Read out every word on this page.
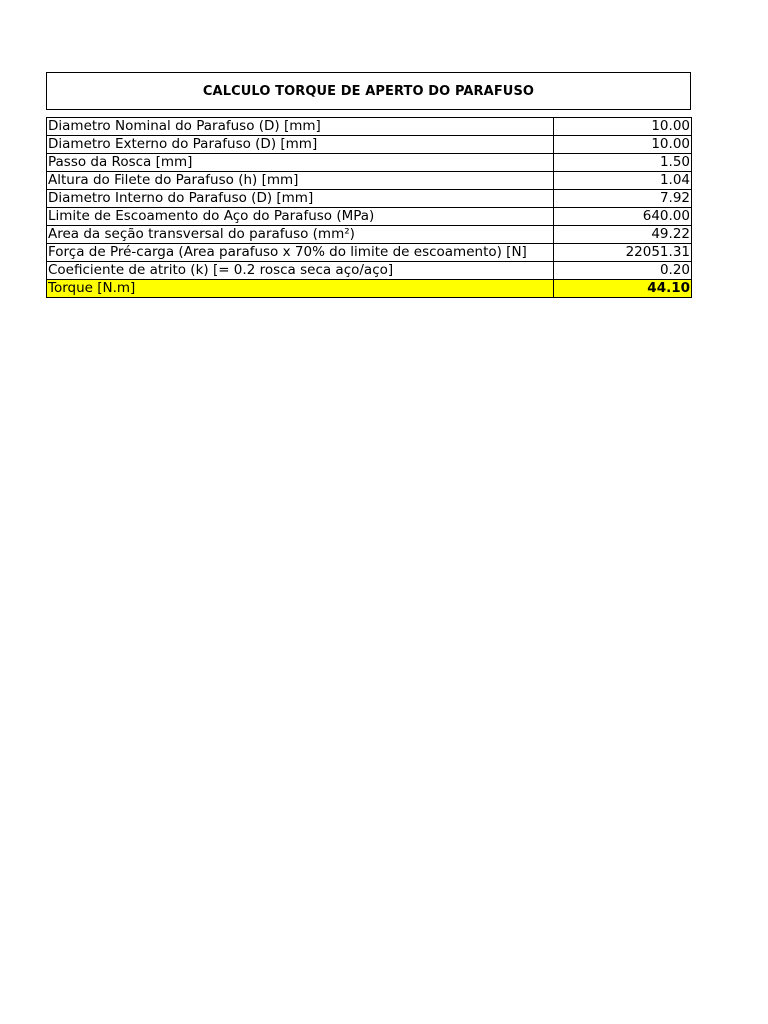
CALCULO TORQUE DE APERTO DO PARAFUSO
Diametro Nominal do Parafuso (D) [mm]	10.00
Diametro Externo do Parafuso (D) [mm]	10.00
Passo da Rosca [mm]	1.50
Altura do Filete do Parafuso (h) [mm]	1.04
Diametro Interno do Parafuso (D) [mm]	7.92
Limite de Escoamento do Aço do Parafuso (MPa)	640.00
Area da seção transversal do parafuso (mm²)	49.22
Força de Pré-carga (Area parafuso x 70% do limite de escoamento) [N]	22051.31
Coeficiente de atrito (k) [= 0.2 rosca seca aço/aço]	0.20
Torque [N.m]	44.10
